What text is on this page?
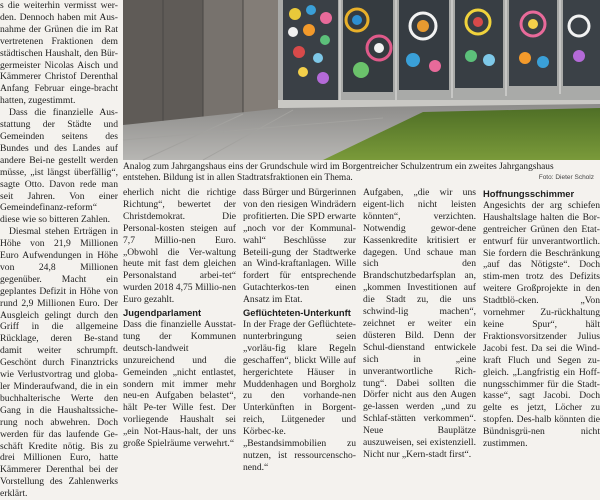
s die weiterhin vermisst wer-den. Dennoch haben mit Aus-nahme der Grünen die im Rat vertretenen Fraktionen dem städtischen Haushalt, den Bür-germeister Nicolas Aisch und Kämmerer Christof Derenthal Anfang Februar einge-bracht hatten, zugestimmt.

Dass die finanzielle Aus-stattung der Städte und Gemeinden seitens des Bundes und des Landes auf andere Bei-ne gestellt werden müsse, „ist längst überfällig“, sagte Otto. Davon rede man seit Jahren. Von einer Gemeindefinanz-reform“ diese wie so bitteren Zahlen.

Diesmal stehen Erträgen in Höhe von 21,9 Millionen Euro Aufwendungen in Höhe von 24,8 Millionen gegenüber. Macht ein geplantes Defizit in Höhe von rund 2,9 Millionen Euro. Der Ausgleich gelingt durch den Griff in die allgemeine Rücklage, deren Be-stand damit weiter schrumpft. Geschönt durch Finanztricks wie Verlustvortrag und globa-ler Minderaufwand, die in ein buchhalterische Werte den Gang in die Haushaltssiche-rung noch abwehren. Doch werden für das laufende Ge-schäft Kredite nötig. Bis zu drei Millionen Euro, hatte Kämmerer Derenthal bei der Vorstellung des Zahlenwerks erklärt.

Analog zum Jahrgangshaus eins der Grundschule wird im Borgentreicher Schulzentrum ein zweites Jahrgangshaus entstehen. Bildung ist in allen Stadtratsfraktionen ein Thema.	Foto: Dieter Scholz

eherlich nicht die richtige Richtung“, bewertet der Christdemokrat. Die Personal-kosten steigen auf 7,7 Millio-nen Euro. „Obwohl die Ver-waltung heute mit fast dem gleichen Personalstand arbei-tet“ wurden 2018 4,75 Millio-nen Euro gezahlt.

Jugendparlament

Dass die finanzielle Ausstat-tung der Kommunen deutsch-landweit unzureichend und die Gemeinden „nicht entlastet, sondern mit immer mehr neu-en Aufgaben belastet“, hält Pe-ter Wille fest. Der vorliegende Haushalt sei „ein Not-Haus-halt, der uns große Spielräume verwehrt.“

dass Bürger und Bürgerinnen von den riesigen Windrädern profitierten. Die SPD erwarte „noch vor der Kommunal-wahl“ Beschlüsse zur Beteili-gung der Stadtwerke an Wind-kraftanlagen. Wille fordert für entsprechende Gutachterkos-ten einen Ansatz im Etat.

Geflüchteten-Unterkunft

In der Frage der Geflüchtete-nunterbringung seien „vorläu-fig klare Regeln geschaffen“, blickt Wille auf hergerichtete Häuser in Muddenhagen und Borgholz zu den vorhande-nen Unterkünften in Borgent-reich, Lütgeneder und Körbec-ke. „Bestandsimmobilien zu nutzen, ist ressourcenscho-nend.“

Aufgaben, „die wir uns eigent-lich nicht leisten könnten“, verzichten. Notwendig gewor-dene Kassenkredite kritisiert er dagegen. Und schaue man sich den Brandschutzbedarfsplan an, „kommen Investitionen auf die Stadt zu, die uns schwind-lig machen“, zeichnet er weiter ein düsteren Bild. Denn der Schul-dienstand entwickele sich in „eine unverantwortliche Rich-tung“. Dabei sollten die Dörfer nicht aus den Augen ge-lassen werden „und zu Schlaf-stätten verkommen“. Neue Bauplätze auszuweisen, sei existenziell. Nicht nur „Kern-stadt first“.

Hoffnungsschimmer

Angesichts der arg schiefen Haushaltslage halten die Bor-gentreicher Grünen den Etat-entwurf für unverantwortlich. Sie fordern die Beschränkung „auf das Nötigste“. Doch stim-men trotz des Defizits weitere Großprojekte in den Stadtblö-cken. „Von vornehmer Zu-rückhaltung keine Spur“, hält Fraktionsvorsitzender Julius Jacobi fest. Da sei die Wind-kraft Fluch und Segen zu-gleich. „Langfristig ein Hoff-nungsschimmer für die Stadt-kasse“, sagt Jacobi. Doch gelte es jetzt, Löcher zu stopfen. Des-halb könnten die Bündnisgrü-nen nicht zustimmen.
